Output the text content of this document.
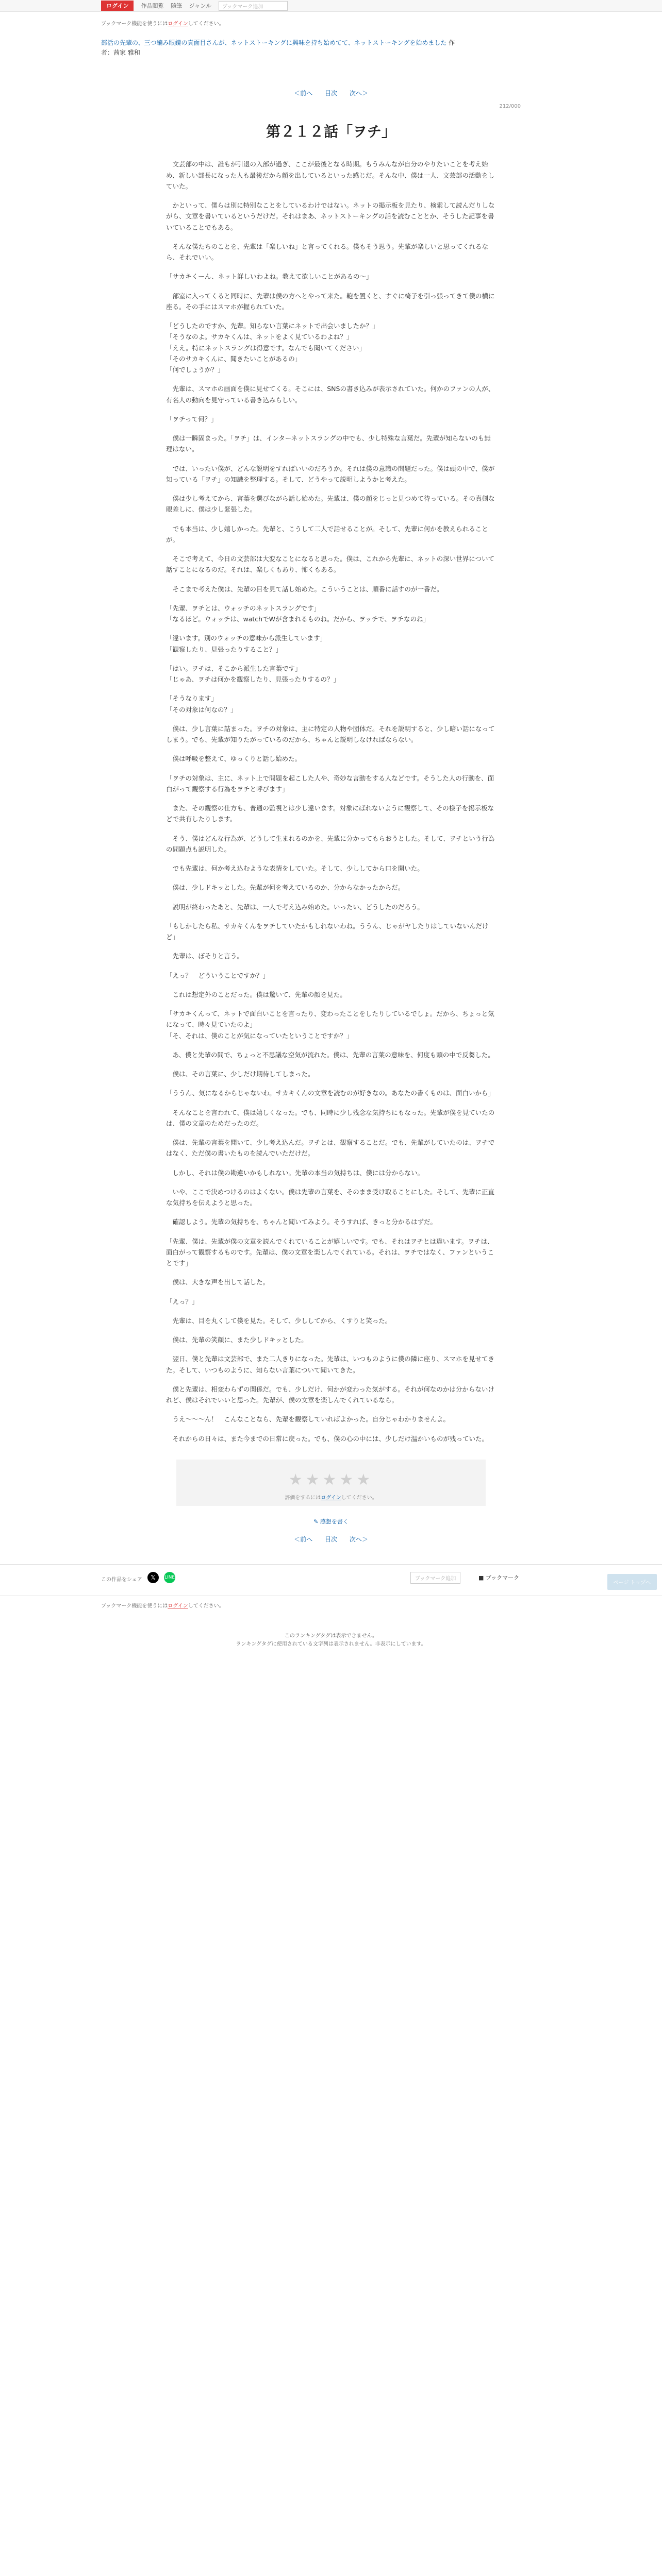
ログイン	作品閲覧 随筆 ジャンル	ブックマーク追加
ブックマーク機能を使うにはログインしてください。
部活の先輩の、三つ編み眼鏡の真面目さんが、ネットストーキングに興味を持ち始めてて、ネットストーキングを始めました 作者：茜家 雅和
＜前へ 目次 次へ＞
212/000
第２１２話「ヲチ」

文芸部の中は、誰もが引退の入部が過ぎ、ここが最後となる時期。もうみんなが自分のやりたいことを考え始め、新しい部長になった人も最後だから顔を出しているといった感じだ。そんな中、僕は一人、文芸部の活動をしていた。

かといって、僕らは別に特別なことをしているわけではない。ネットの掲示板を見たり、検索して読んだりしながら、文章を書いているというだけだ。それはまあ、ネットストーキングの話を読むこととか、そうした記事を書いていることでもある。

そんな僕たちのことを、先輩は「楽しいね」と言ってくれる。僕もそう思う。先輩が楽しいと思ってくれるなら、それでいい。

「サカキくーん、ネット詳しいわよね。教えて欲しいことがあるの～」

部室に入ってくると同時に、先輩は僕の方へとやって来た。鞄を置くと、すぐに椅子を引っ張ってきて僕の横に座る。その手にはスマホが握られていた。

「どうしたのですか、先輩。知らない言葉にネットで出会いましたか？」
「そうなのよ。サカキくんは、ネットをよく見ているわよね？」
「ええ。特にネットスラングは得意です。なんでも聞いてください」
「そのサカキくんに、聞きたいことがあるの」
「何でしょうか？」

先輩は、スマホの画面を僕に見せてくる。そこには、SNSの書き込みが表示されていた。何かのファンの人が、有名人の動向を見守っている書き込みらしい。

「ヲチって何？」

僕は一瞬固まった。「ヲチ」は、インターネットスラングの中でも、少し特殊な言葉だ。先輩が知らないのも無理はない。

では、いったい僕が、どんな説明をすればいいのだろうか。それは僕の意識の問題だった。僕は頭の中で、僕が知っている「ヲチ」の知識を整理する。そして、どうやって説明しようかと考えた。

僕は少し考えてから、言葉を選びながら話し始めた。先輩は、僕の顔をじっと見つめて待っている。その真剣な眼差しに、僕は少し緊張した。

でも本当は、少し嬉しかった。先輩と、こうして二人で話せることが。そして、先輩に何かを教えられることが。

そこで考えて、今日の文芸部は大変なことになると思った。僕は、これから先輩に、ネットの深い世界について話すことになるのだ。それは、楽しくもあり、怖くもある。

そこまで考えた僕は、先輩の目を見て話し始めた。こういうことは、順番に話すのが一番だ。

「先輩、ヲチとは、ウォッチのネットスラングです」
「なるほど。ウォッチは、watchでWが含まれるものね。だから、ヲッチで、ヲチなのね」

「違います。別のウォッチの意味から派生しています」
「観察したり、見張ったりすること？」

「はい。ヲチは、そこから派生した言葉です」
「じゃあ、ヲチは何かを観察したり、見張ったりするの？」

「そうなります」
「その対象は何なの？」

僕は、少し言葉に詰まった。ヲチの対象は、主に特定の人物や団体だ。それを説明すると、少し暗い話になってしまう。でも、先輩が知りたがっているのだから、ちゃんと説明しなければならない。

僕は呼吸を整えて、ゆっくりと話し始めた。

「ヲチの対象は、主に、ネット上で問題を起こした人や、奇妙な言動をする人などです。そうした人の行動を、面白がって観察する行為をヲチと呼びます」

また、その観察の仕方も、普通の監視とは少し違います。対象にばれないように観察して、その様子を掲示板などで共有したりします。

そう、僕はどんな行為が、どうして生まれるのかを、先輩に分かってもらおうとした。そして、ヲチという行為の問題点も説明した。

でも先輩は、何か考え込むような表情をしていた。そして、少ししてから口を開いた。

僕は、少しドキッとした。先輩が何を考えているのか、分からなかったからだ。

説明が終わったあと、先輩は、一人で考え込み始めた。いったい、どうしたのだろう。

「もしかしたら私、サカキくんをヲチしていたかもしれないわね。ううん、じゃがヤしたりはしていないんだけど」

先輩は、ぼそりと言う。

「えっ？　どういうことですか？」

これは想定外のことだった。僕は驚いて、先輩の顔を見た。

「サカキくんって、ネットで面白いことを言ったり、変わったことをしたりしているでしょ。だから、ちょっと気になって、時々見ていたのよ」
「そ、それは、僕のことが気になっていたということですか？」

あ、僕と先輩の間で、ちょっと不思議な空気が流れた。僕は、先輩の言葉の意味を、何度も頭の中で反芻した。

僕は、その言葉に、少しだけ期待してしまった。

「ううん、気になるからじゃないわ。サカキくんの文章を読むのが好きなの。あなたの書くものは、面白いから」

そんなことを言われて、僕は嬉しくなった。でも、同時に少し残念な気持ちにもなった。先輩が僕を見ていたのは、僕の文章のためだったのだ。

僕は、先輩の言葉を聞いて、少し考え込んだ。ヲチとは、観察することだ。でも、先輩がしていたのは、ヲチではなく、ただ僕の書いたものを読んでいただけだ。

しかし、それは僕の勘違いかもしれない。先輩の本当の気持ちは、僕には分からない。

いや、ここで決めつけるのはよくない。僕は先輩の言葉を、そのまま受け取ることにした。そして、先輩に正直な気持ちを伝えようと思った。

確認しよう。先輩の気持ちを、ちゃんと聞いてみよう。そうすれば、きっと分かるはずだ。

「先輩、僕は、先輩が僕の文章を読んでくれていることが嬉しいです。でも、それはヲチとは違います。ヲチは、面白がって観察するものです。先輩は、僕の文章を楽しんでくれている。それは、ヲチではなく、ファンということです」

僕は、大きな声を出して話した。

「えっ？」

先輩は、目を丸くして僕を見た。そして、少ししてから、くすりと笑った。

僕は、先輩の笑顔に、また少しドキッとした。

翌日、僕と先輩は文芸部で、また二人きりになった。先輩は、いつものように僕の隣に座り、スマホを見せてきた。そして、いつものように、知らない言葉について聞いてきた。

僕と先輩は、相変わらずの関係だ。でも、少しだけ、何かが変わった気がする。それが何なのかは分からないけれど、僕はそれでいいと思った。先輩が、僕の文章を楽しんでくれているなら。

うえ～～～ん！　こんなことなら、先輩を観察していればよかった。自分じゃわかりませんよ。

それからの日々は、また今までの日常に戻った。でも、僕の心の中には、少しだけ温かいものが残っていた。

ページ トップへ
★★★★★
評価をするにはログインしてください。
✎ 感想を書く
＜前へ 目次 次へ＞
この作品をシェア	𝕏	LINE	ブックマーク追加	■ ブックマーク
ブックマーク機能を使うにはログインしてください。
このランキングタグは表示できません。
ランキングタグに使用されている文字列は表示されません。非表示にしています。
